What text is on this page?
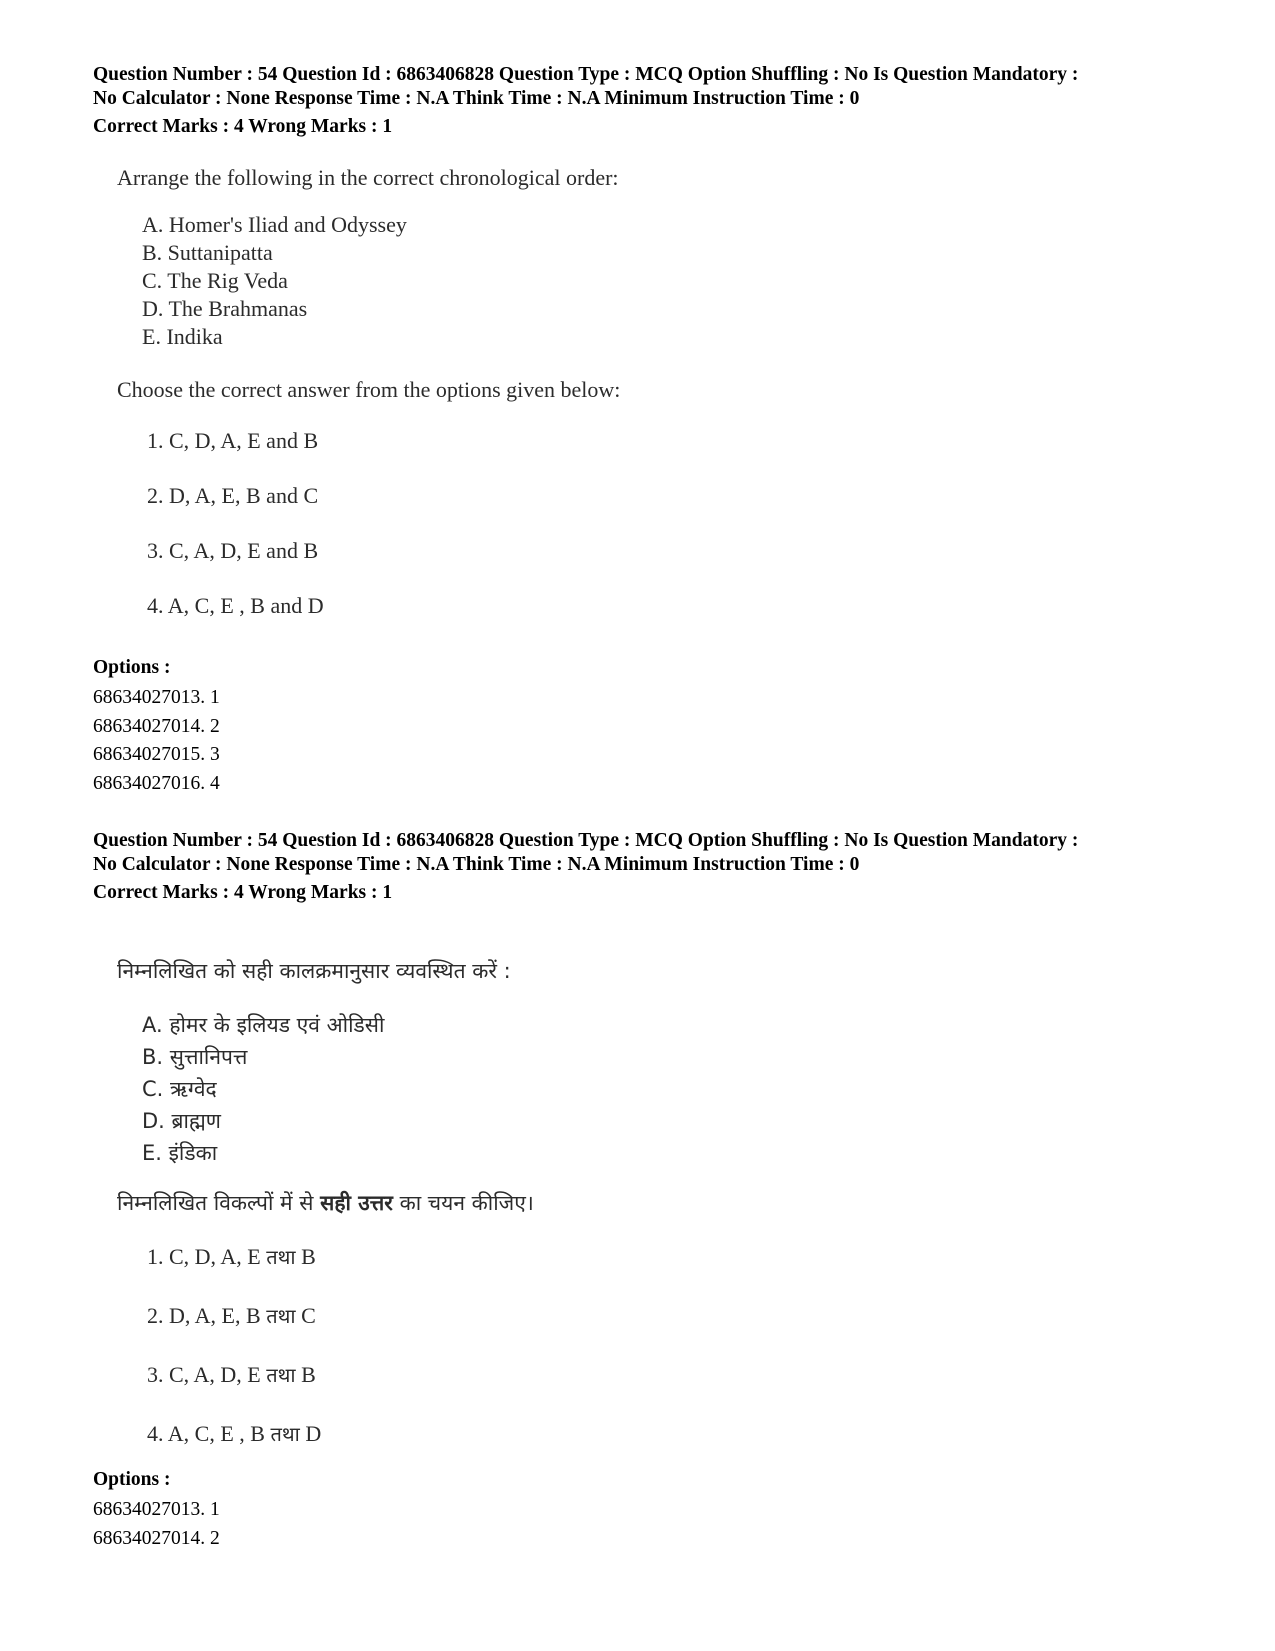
Question Number : 54 Question Id : 6863406828 Question Type : MCQ Option Shuffling : No Is Question Mandatory :

No Calculator : None Response Time : N.A Think Time : N.A Minimum Instruction Time : 0

Correct Marks : 4 Wrong Marks : 1

Arrange the following in the correct chronological order:

A. Homer's Iliad and Odyssey
B. Suttanipatta
C. The Rig Veda
D. The Brahmanas
E. Indika

Choose the correct answer from the options given below:

1. C, D, A, E and B
2. D, A, E, B and C
3. C, A, D, E and B
4. A, C, E , B and D

Options :

68634027013. 1
68634027014. 2
68634027015. 3
68634027016. 4

Question Number : 54 Question Id : 6863406828 Question Type : MCQ Option Shuffling : No Is Question Mandatory :

No Calculator : None Response Time : N.A Think Time : N.A Minimum Instruction Time : 0

Correct Marks : 4 Wrong Marks : 1

निम्नलिखित को सही कालक्रमानुसार व्यवस्थित करें :

A. होमर के इलियड एवं ओडिसी
B. सुत्तानिपत्त
C. ऋग्वेद
D. ब्राह्मण
E. इंडिका

निम्नलिखित विकल्पों में से सही उत्तर का चयन कीजिए।

1. C, D, A, E तथा B
2. D, A, E, B तथा C
3. C, A, D, E तथा B
4. A, C, E , B तथा D

Options :

68634027013. 1
68634027014. 2
